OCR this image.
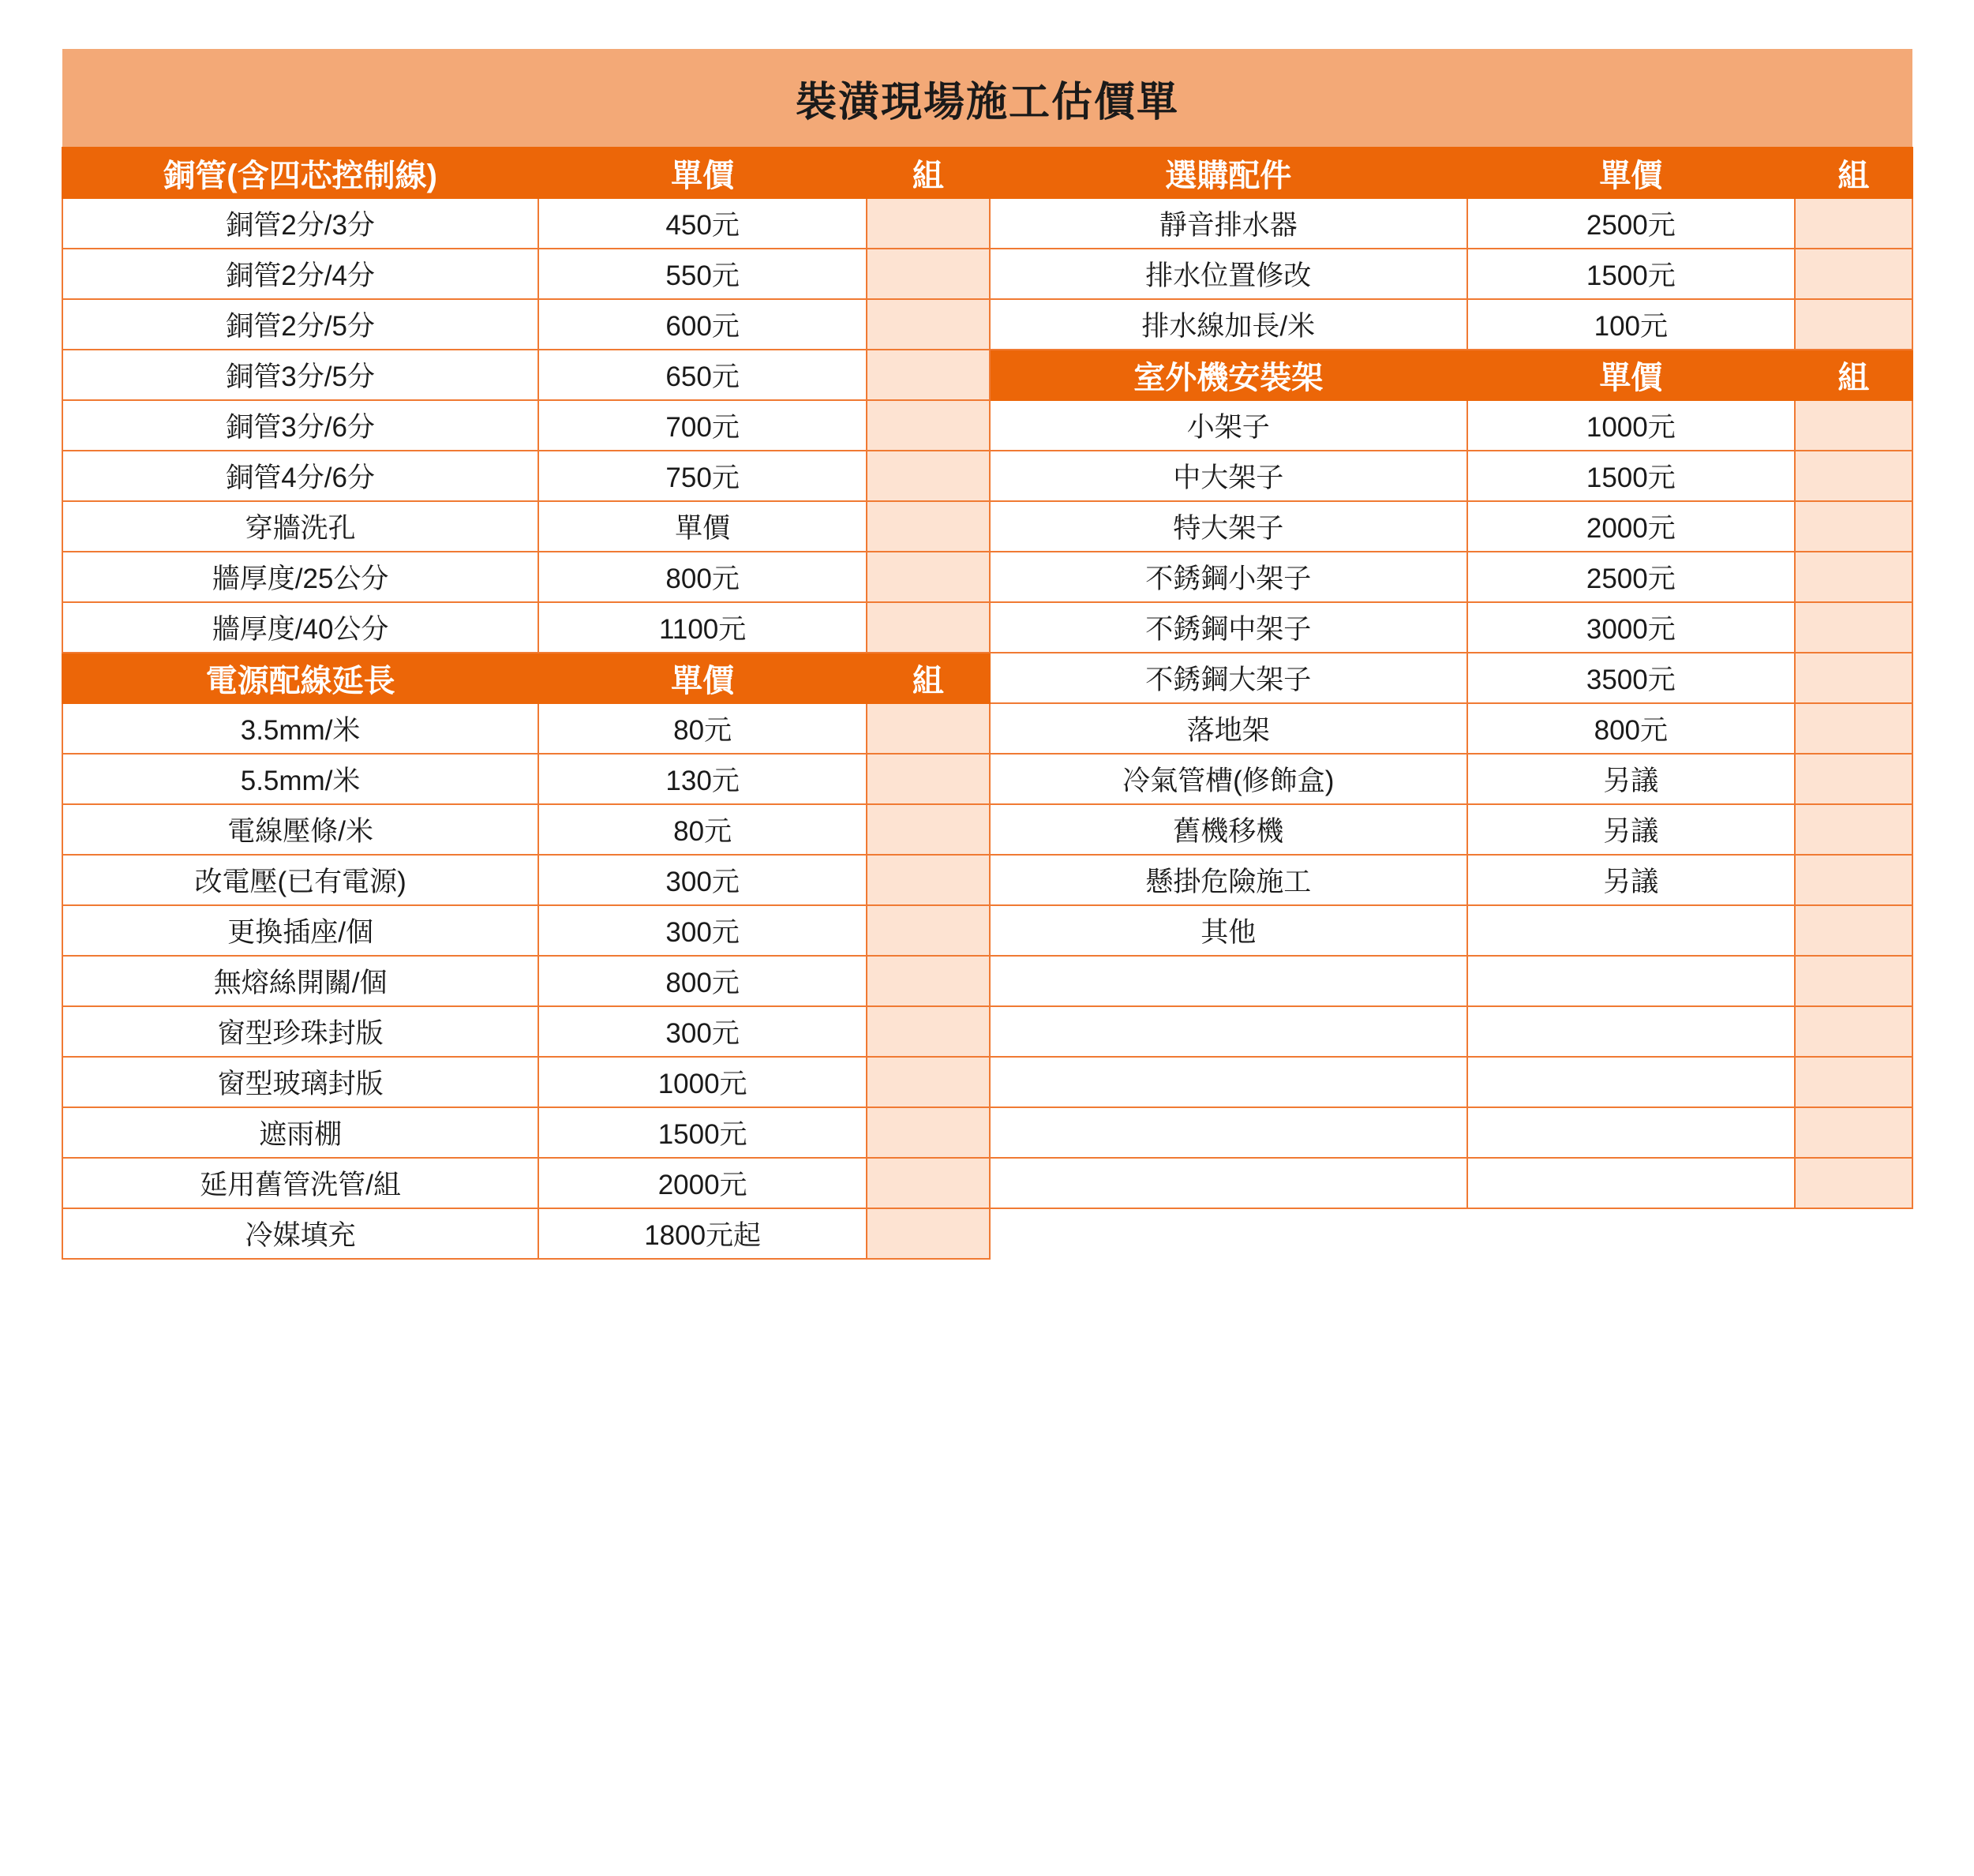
裝潢現場施工估價單					
銅管(含四芯控制線)	單價	組	選購配件	單價	組
銅管2分/3分	450元		靜音排水器	2500元	
銅管2分/4分	550元		排水位置修改	1500元	
銅管2分/5分	600元		排水線加長/米	100元	
銅管3分/5分	650元		室外機安裝架	單價	組
銅管3分/6分	700元		小架子	1000元	
銅管4分/6分	750元		中大架子	1500元	
穿牆洗孔	單價		特大架子	2000元	
牆厚度/25公分	800元		不銹鋼小架子	2500元	
牆厚度/40公分	1100元		不銹鋼中架子	3000元	
電源配線延長	單價	組	不銹鋼大架子	3500元	
3.5mm/米	80元		落地架	800元	
5.5mm/米	130元		冷氣管槽(修飾盒)	另議	
電線壓條/米	80元		舊機移機	另議	
改電壓(已有電源)	300元		懸掛危險施工	另議	
更換插座/個	300元		其他		
無熔絲開關/個	800元				
窗型珍珠封版	300元				
窗型玻璃封版	1000元				
遮雨棚	1500元				
延用舊管洗管/組	2000元				
冷媒填充	1800元起				
